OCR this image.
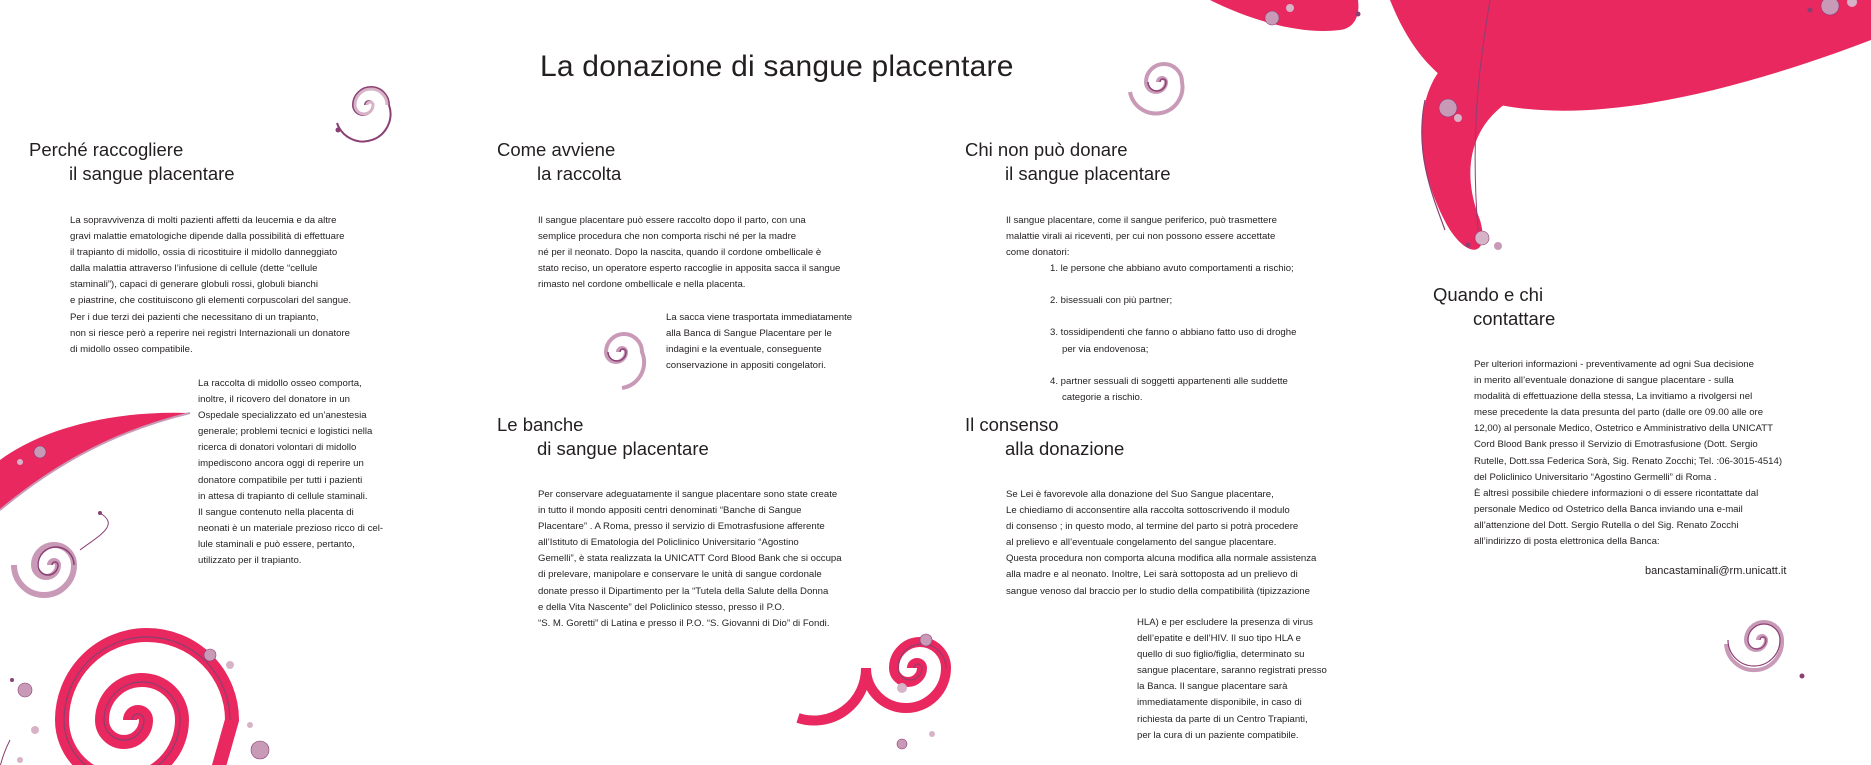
La donazione di sangue placentare
Perché raccogliere
il sangue placentare

La sopravvivenza di molti pazienti affetti da leucemia e da altre

gravi malattie ematologiche dipende dalla possibilità di effettuare

il trapianto di midollo, ossia di ricostituire il midollo danneggiato

dalla malattia attraverso l’infusione di cellule (dette “cellule

staminali”), capaci di generare globuli rossi, globuli bianchi

e piastrine, che costituiscono gli elementi corpuscolari del sangue.

Per i due terzi dei pazienti che necessitano di un trapianto,

non si riesce però a reperire nei registri Internazionali un donatore

di midollo osseo compatibile.

La raccolta di midollo osseo comporta,

inoltre, il ricovero del donatore in un

Ospedale specializzato ed un’anestesia

generale; problemi tecnici e logistici nella

ricerca di donatori volontari di midollo

impediscono ancora oggi di reperire un

donatore compatibile per tutti i pazienti

in attesa di trapianto di cellule staminali.

Il sangue contenuto nella placenta di

neonati è un materiale prezioso ricco di cel-

lule staminali e può essere, pertanto,

utilizzato per il trapianto.

Come avviene
la raccolta

Il sangue placentare può essere raccolto dopo il parto, con una

semplice procedura che non comporta rischi né per la madre

né per il neonato. Dopo la nascita, quando il cordone ombellicale è

stato reciso, un operatore esperto raccoglie in apposita sacca il sangue

rimasto nel cordone ombellicale e nella placenta.

La sacca viene trasportata immediatamente

alla Banca di Sangue Placentare per le

indagini e la eventuale, conseguente

conservazione in appositi congelatori.

Le banche
di sangue placentare

Per conservare adeguatamente il sangue placentare sono state create

in tutto il mondo appositi centri denominati “Banche di Sangue

Placentare” . A Roma, presso il servizio di Emotrasfusione afferente

all’Istituto di Ematologia del Policlinico Universitario “Agostino

Gemelli”, è stata realizzata la UNICATT Cord Blood Bank che si occupa

di prelevare, manipolare e conservare le unità di sangue cordonale

donate presso il Dipartimento per la “Tutela della Salute della Donna

e della Vita Nascente” del Policlinico stesso, presso il P.O.

“S. M. Goretti” di Latina e presso il P.O. “S. Giovanni di Dio” di Fondi.

Chi non può donare
il sangue placentare

Il sangue placentare, come il sangue periferico, può trasmettere

malattie virali ai riceventi, per cui non possono essere accettate

come donatori:

1. le persone che abbiano avuto comportamenti a rischio;

2. bisessuali con più partner;

3. tossidipendenti che fanno o abbiano fatto uso di droghe

per via endovenosa;

4. partner sessuali di soggetti appartenenti alle suddette

categorie a rischio.

Il consenso
alla donazione

Se Lei è favorevole alla donazione del Suo Sangue placentare,

Le chiediamo di acconsentire alla raccolta sottoscrivendo il modulo

di consenso ; in questo modo, al termine del parto si potrà procedere

al prelievo e all’eventuale congelamento del sangue placentare.

Questa procedura non comporta alcuna modifica alla normale assistenza

alla madre e al neonato. Inoltre, Lei sarà sottoposta ad un prelievo di

sangue venoso dal braccio per lo studio della compatibilità (tipizzazione

HLA) e per escludere la presenza di virus

dell’epatite e dell’HIV. Il suo tipo HLA e

quello di suo figlio/figlia, determinato su

sangue placentare, saranno registrati presso

la Banca. Il sangue placentare sarà

immediatamente disponibile, in caso di

richiesta da parte di un Centro Trapianti,

per la cura di un paziente compatibile.

Quando e chi
contattare

Per ulteriori informazioni - preventivamente ad ogni Sua decisione

in merito all’eventuale donazione di sangue placentare - sulla

modalità di effettuazione della stessa, La invitiamo a rivolgersi nel

mese precedente la data presunta del parto (dalle ore 09.00 alle ore

12,00) al personale Medico, Ostetrico e Amministrativo della UNICATT

Cord Blood Bank presso il Servizio di Emotrasfusione (Dott. Sergio

Rutelle, Dott.ssa Federica Sorà, Sig. Renato Zocchi; Tel. :06-3015-4514)

del Policlinico Universitario “Agostino Germelli” di Roma .

È altresì possibile chiedere informazioni o di essere ricontattate dal

personale Medico od Ostetrico della Banca inviando una e-mail

all’attenzione del Dott. Sergio Rutella o del Sig. Renato Zocchi

all’indirizzo di posta elettronica della Banca:

bancastaminali@rm.unicatt.it
